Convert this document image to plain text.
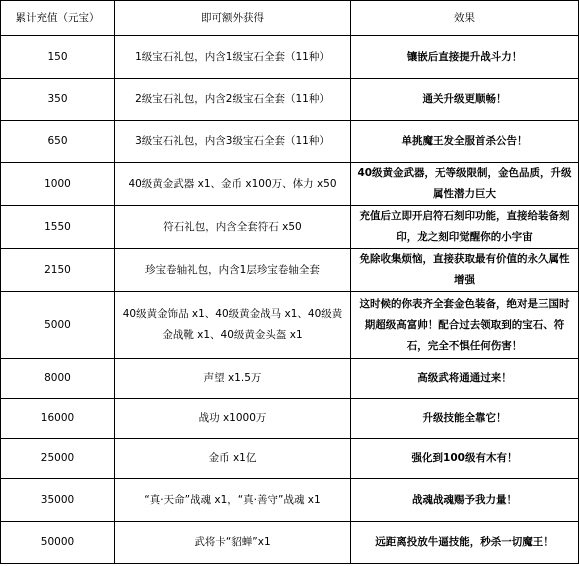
累计充值（元宝）	即可额外获得	效果
150	1级宝石礼包，内含1级宝石全套（11种）	镶嵌后直接提升战斗力！
350	2级宝石礼包，内含2级宝石全套（11种）	通关升级更顺畅！
650	3级宝石礼包，内含3级宝石全套（11种）	单挑魔王发全服首杀公告！
1000	40级黄金武器 x1、金币 x100万、体力 x50	40级黄金武器，无等级限制，金色品质，升级属性潜力巨大
1550	符石礼包，内含全套符石 x50	充值后立即开启符石刻印功能，直接给装备刻印，龙之刻印觉醒你的小宇宙
2150	珍宝卷轴礼包，内含1层珍宝卷轴全套	免除收集烦恼，直接获取最有价值的永久属性增强
5000	40级黄金饰品 x1、40级黄金战马 x1、40级黄金战靴 x1、40级黄金头盔 x1	这时候的你表齐全套金色装备，绝对是三国时期超级高富帅！配合过去领取到的宝石、符石，完全不惧任何伤害！
8000	声望 x1.5万	高级武将通通过来！
16000	战功 x1000万	升级技能全靠它！
25000	金币 x1亿	强化到100级有木有！
35000	“真·天命”战魂 x1，“真·善守”战魂 x1	战魂战魂赐予我力量！
50000	武将卡“貂蝉”x1	远距离投放牛逼技能，秒杀一切魔王！
